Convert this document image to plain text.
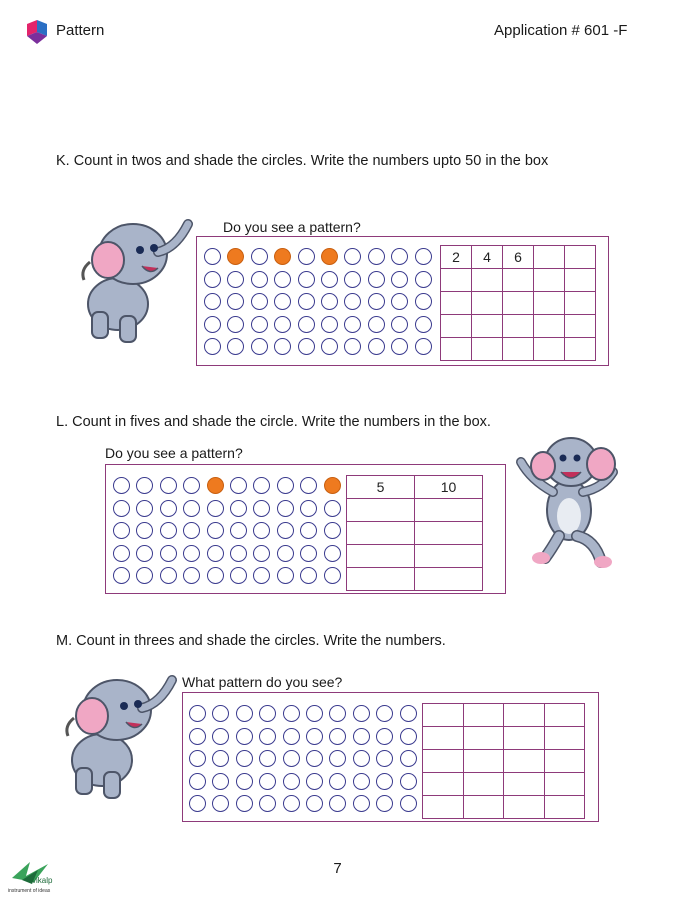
Pattern	Application # 601 -F
K. Count in twos and shade the circles. Write the numbers upto 50 in the box
Do you see a pattern?
2	4	6		

L. Count in fives and shade the circle. Write the numbers in the box.
Do you see a pattern?
5	10

M. Count in threes and shade the circles. Write the numbers.
What pattern do you see?

7
vikalp
instrument of ideas
